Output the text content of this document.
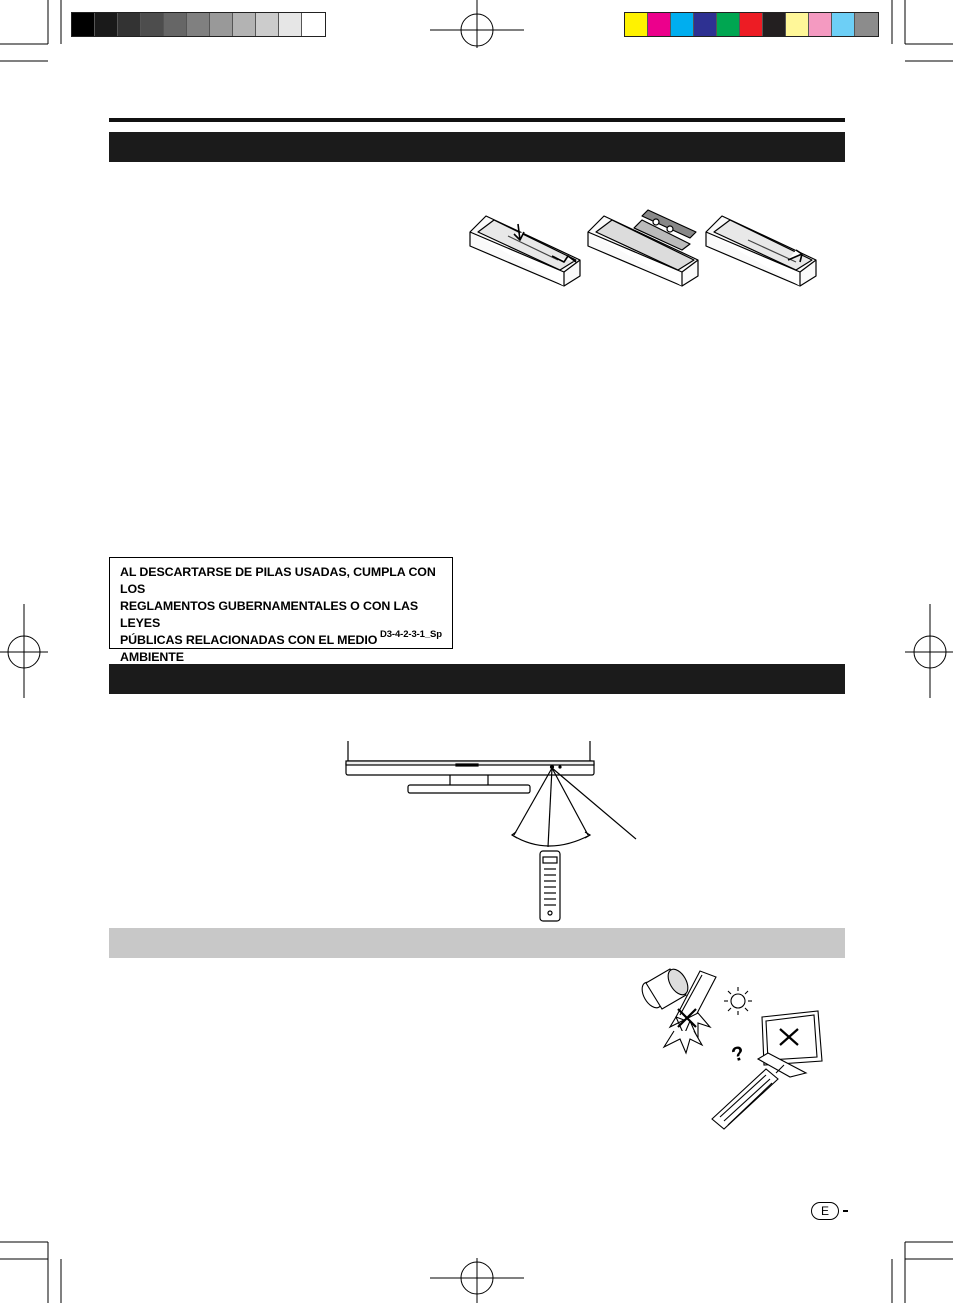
AL DESCARTARSE DE PILAS USADAS, CUMPLA CON LOS
REGLAMENTOS GUBERNAMENTALES O CON LAS LEYES
PÚBLICAS RELACIONADAS CON EL MEDIO AMBIENTE
D3-4-2-3-1_Sp
?
E
